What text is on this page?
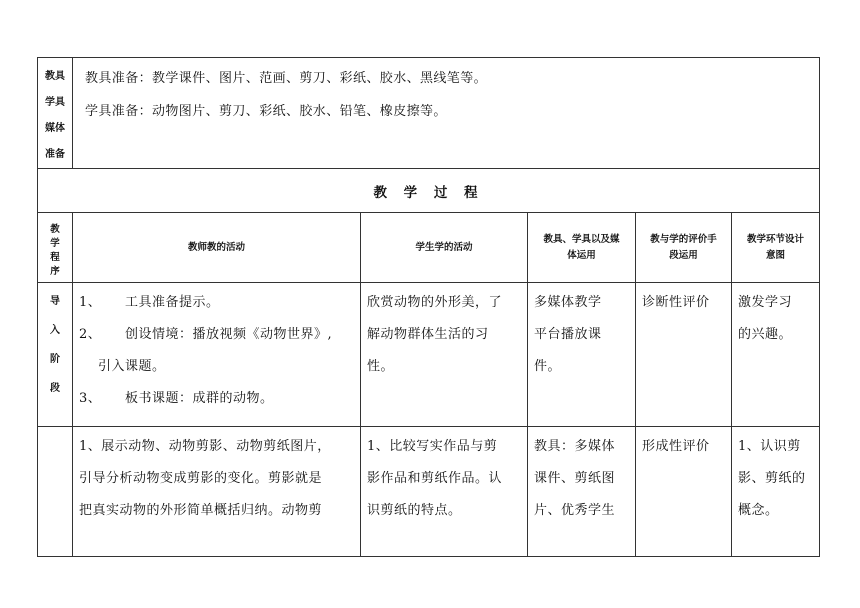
教具
学具
媒体
准备	教具准备：教学课件、图片、范画、剪刀、彩纸、胶水、黑线笔等。
学具准备：动物图片、剪刀、彩纸、胶水、铅笔、橡皮擦等。				

教 学 过 程					

教
学
程
序	教师教的活动	学生学的活动	教具、学具以及媒
体运用	教与学的评价手
段运用	教学环节设计
意图

导
入
阶
段	1、 工具准备提示。
2、 创设情境：播放视频《动物世界》,
引入课题。
3、 板书课题：成群的动物。	欣赏动物的外形美，了
解动物群体生活的习
性。	多媒体教学
平台播放课
件。	诊断性评价	激发学习
的兴趣。

	1、展示动物、动物剪影、动物剪纸图片，
引导分析动物变成剪影的变化。剪影就是
把真实动物的外形简单概括归纳。动物剪	1、比较写实作品与剪
影作品和剪纸作品。认
识剪纸的特点。	教具：多媒体
课件、剪纸图
片、优秀学生	形成性评价	1、认识剪
影、剪纸的
概念。
